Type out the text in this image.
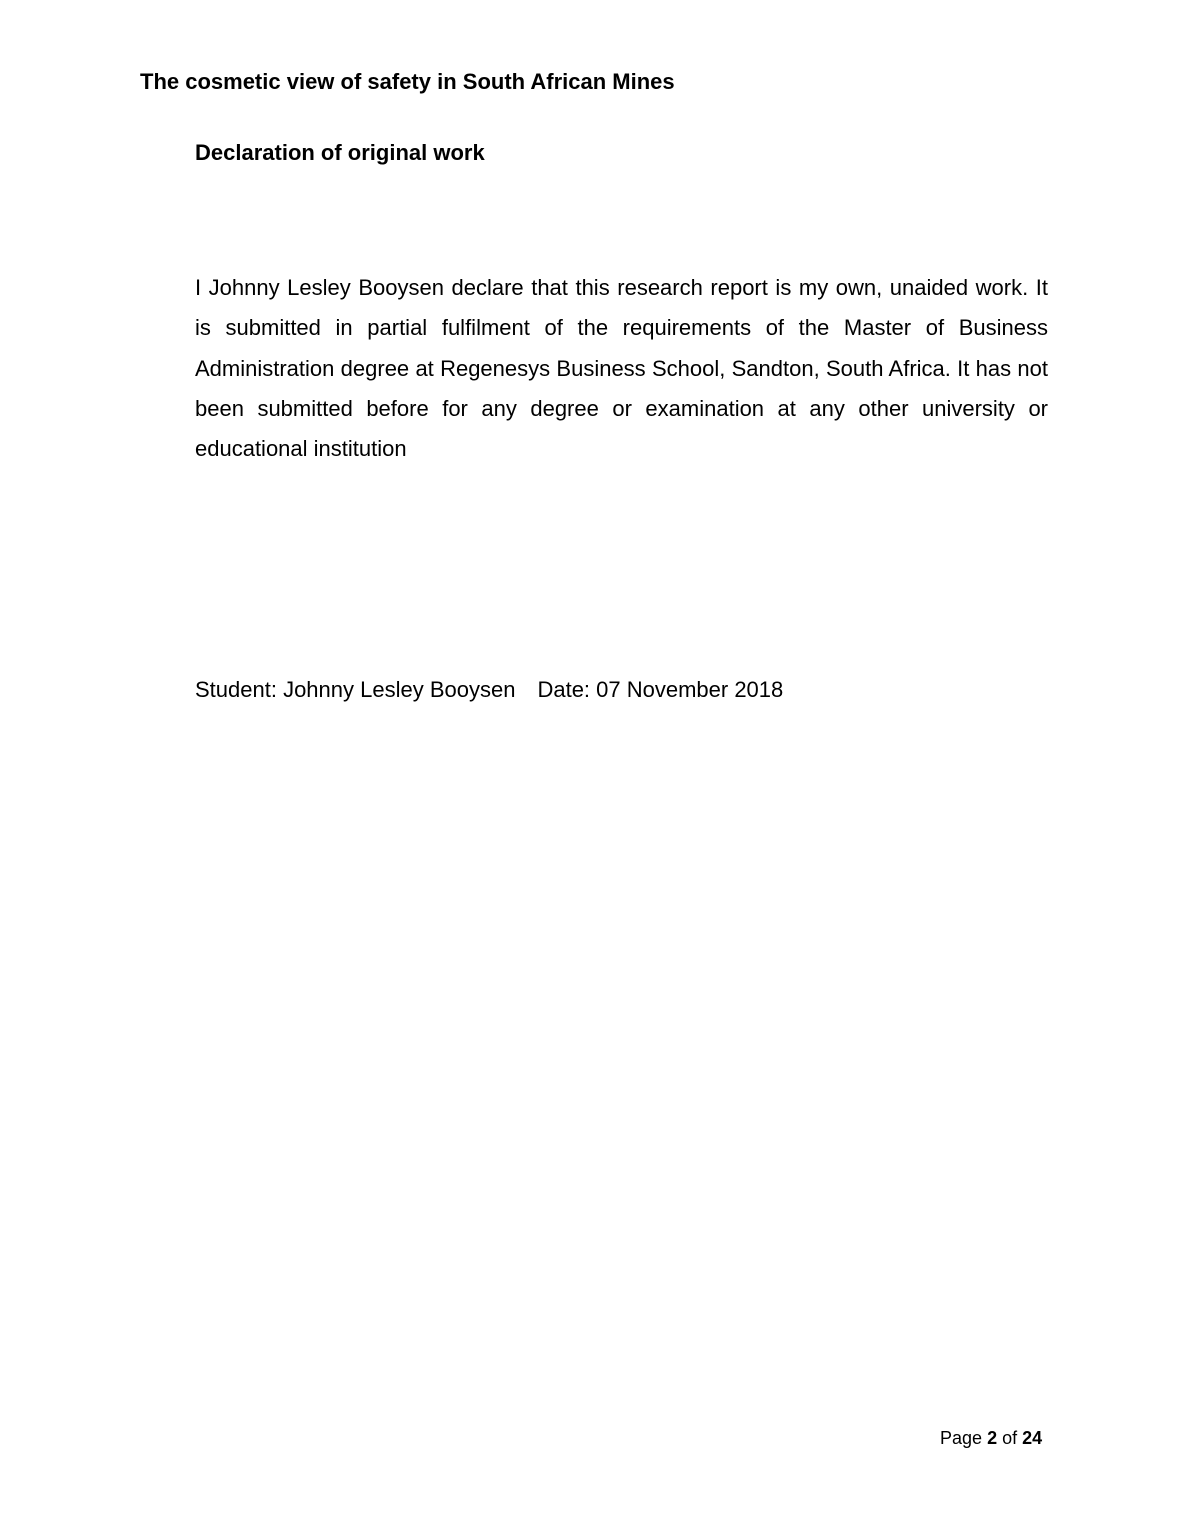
The cosmetic view of safety in South African Mines
Declaration of original work

I Johnny Lesley Booysen declare that this research report is my own, unaided work. It is submitted in partial fulfilment of the requirements of the Master of Business Administration degree at Regenesys Business School, Sandton, South Africa. It has not been submitted before for any degree or examination at any other university or educational institution

Student: Johnny Lesley Booysen Date: 07 November 2018
Page 2 of 24
